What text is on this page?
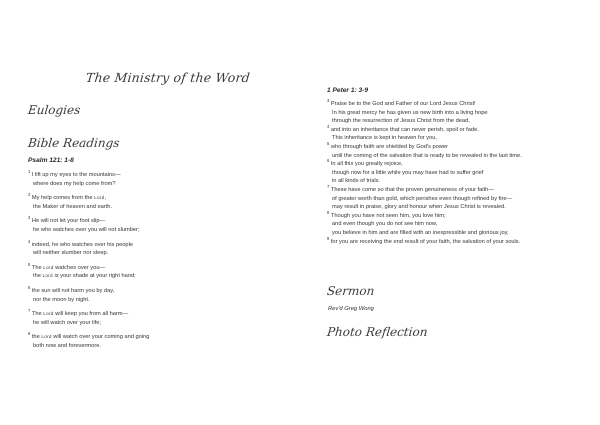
The Ministry of the Word
Eulogies
Bible Readings
Psalm 121: 1-8

$^1$I lift up my eyes to the mountains—

where does my help come from?

$^2$My help comes from the Lord,

the Maker of heaven and earth.

$^3$He will not let your foot slip—

he who watches over you will not slumber;

$^4$indeed, he who watches over his people

will neither slumber nor sleep.

$^5$The Lord watches over you—

the Lord is your shade at your right hand;

$^6$the sun will not harm you by day,

nor the moon by night.

$^7$The Lord will keep you from all harm—

he will watch over your life;

$^8$the Lord will watch over your coming and going

both now and forevermore.

1 Peter 1: 3-9

$^3$Praise be to the God and Father of our Lord Jesus Christ!

In his great mercy he has given us new birth into a living hope

through the resurrection of Jesus Christ from the dead,

$^4$and into an inheritance that can never perish, spoil or fade.

This inheritance is kept in heaven for you,

$^5$who through faith are shielded by God's power

until the coming of the salvation that is ready to be revealed in the last time.

$^6$In all this you greatly rejoice,

though now for a little while you may have had to suffer grief

in all kinds of trials.

$^7$These have come so that the proven genuineness of your faith—

of greater worth than gold, which perishes even though refined by fire—

may result in praise, glory and honour when Jesus Christ is revealed.

$^8$Though you have not seen him, you love him;

and even though you do not see him now,

you believe in him and are filled with an inexpressible and glorious joy,

$^9$for you are receiving the end result of your faith, the salvation of your souls.

Sermon
Rev'd Greg Wong
Photo Reflection
